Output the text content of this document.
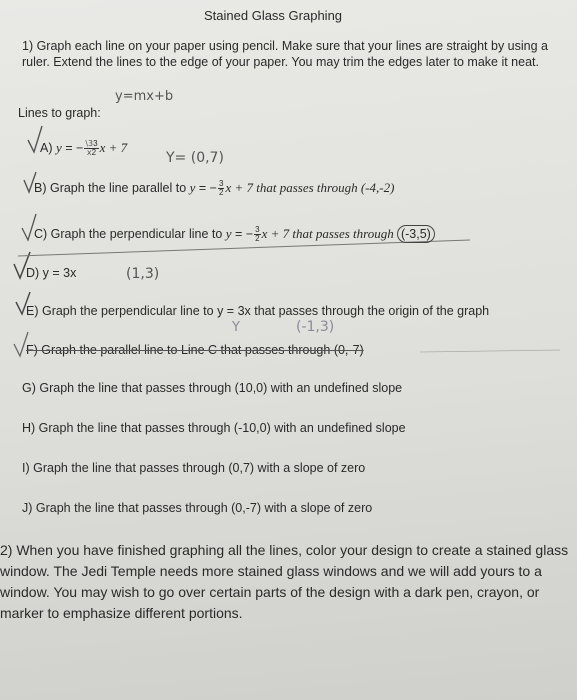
Stained Glass Graphing
1) Graph each line on your paper using pencil. Make sure that your lines are straight by using a ruler. Extend the lines to the edge of your paper. You may trim the edges later to make it neat.
y=mx+b
Lines to graph:
A) y = − $\frac{\backslash 33}{x2}$ x + 7
Y= (0,7)
B) Graph the line parallel to y = − $\frac{3}{2}$ x + 7 that passes through (-4,-2)
C) Graph the perpendicular line to y = − $\frac{3}{2}$ x + 7 that passes through (-3,5)
D) y = 3x	(1,3)
E) Graph the perpendicular line to y = 3x that passes through the origin of the graph
Y	(-1,3)
F) Graph the parallel line to Line C that passes through (0,-7)
G) Graph the line that passes through (10,0) with an undefined slope
H) Graph the line that passes through (-10,0) with an undefined slope
I) Graph the line that passes through (0,7) with a slope of zero
J) Graph the line that passes through (0,-7) with a slope of zero
2) When you have finished graphing all the lines, color your design to create a stained glass window. The Jedi Temple needs more stained glass windows and we will add yours to a window. You may wish to go over certain parts of the design with a dark pen, crayon, or marker to emphasize different portions.
